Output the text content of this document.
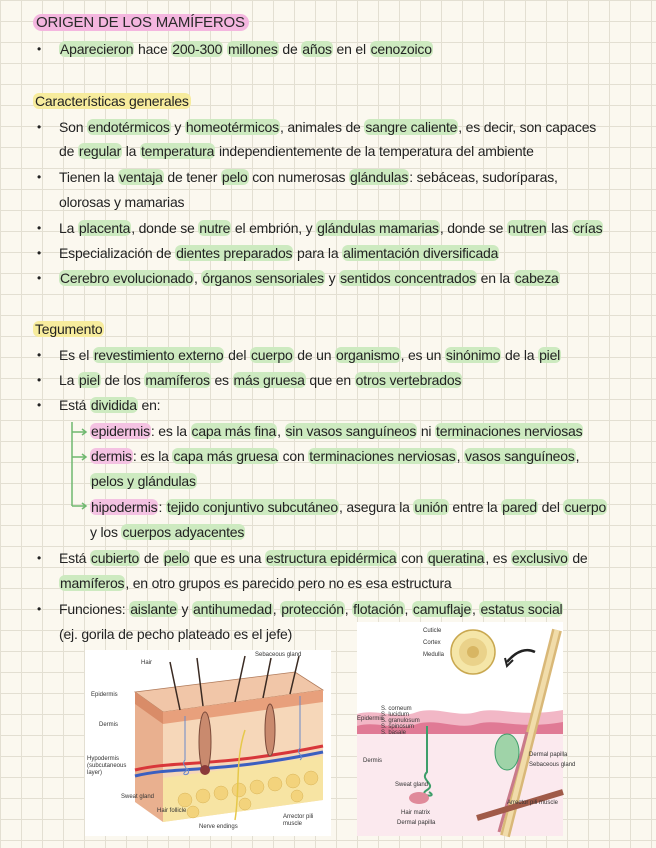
ORIGEN DE LOS MAMÍFEROS
•
•
•
•
•
•
•
•
•
•
•
Aparecieron hace 200-300 millones de años en el cenozoico
Características generales
Son endotérmicos y homeotérmicos, animales de sangre caliente, es decir, son capaces
de regular la temperatura independientemente de la temperatura del ambiente
Tienen la ventaja de tener pelo con numerosas glándulas: sebáceas, sudoríparas,
olorosas y mamarias
La placenta, donde se nutre el embrión, y glándulas mamarias, donde se nutren las crías
Especialización de dientes preparados para la alimentación diversificada
Cerebro evolucionado, órganos sensoriales y sentidos concentrados en la cabeza
Tegumento
Es el revestimiento externo del cuerpo de un organismo, es un sinónimo de la piel
La piel de los mamíferos es más gruesa que en otros vertebrados
Está dividida en:
epidermis: es la capa más fina, sin vasos sanguíneos ni terminaciones nerviosas
dermis: es la capa más gruesa con terminaciones nerviosas, vasos sanguíneos,
pelos y glándulas
hipodermis: tejido conjuntivo subcutáneo, asegura la unión entre la pared del cuerpo
y los cuerpos adyacentes
Está cubierto de pelo que es una estructura epidérmica con queratina, es exclusivo de
mamíferos, en otro grupos es parecido pero no es esa estructura
Funciones: aislante y antihumedad, protección, flotación, camuflaje, estatus social
(ej. gorila de pecho plateado es el jefe)
Hair
Sebaceous gland
Epidermis
Dermis
Hypodermis (subcutaneous layer)
Sweat gland
Hair follicle
Nerve endings
Arrector pili muscle
Cuticle
Cortex
Medulla
S. corneum
S. lucidum
S. granulosum
S. spinosum
S. basale
Epidermis
Dermis
Sweat gland
Dermal papilla
Sebaceous gland
Arrector pili muscle
Hair matrix
Dermal papilla
